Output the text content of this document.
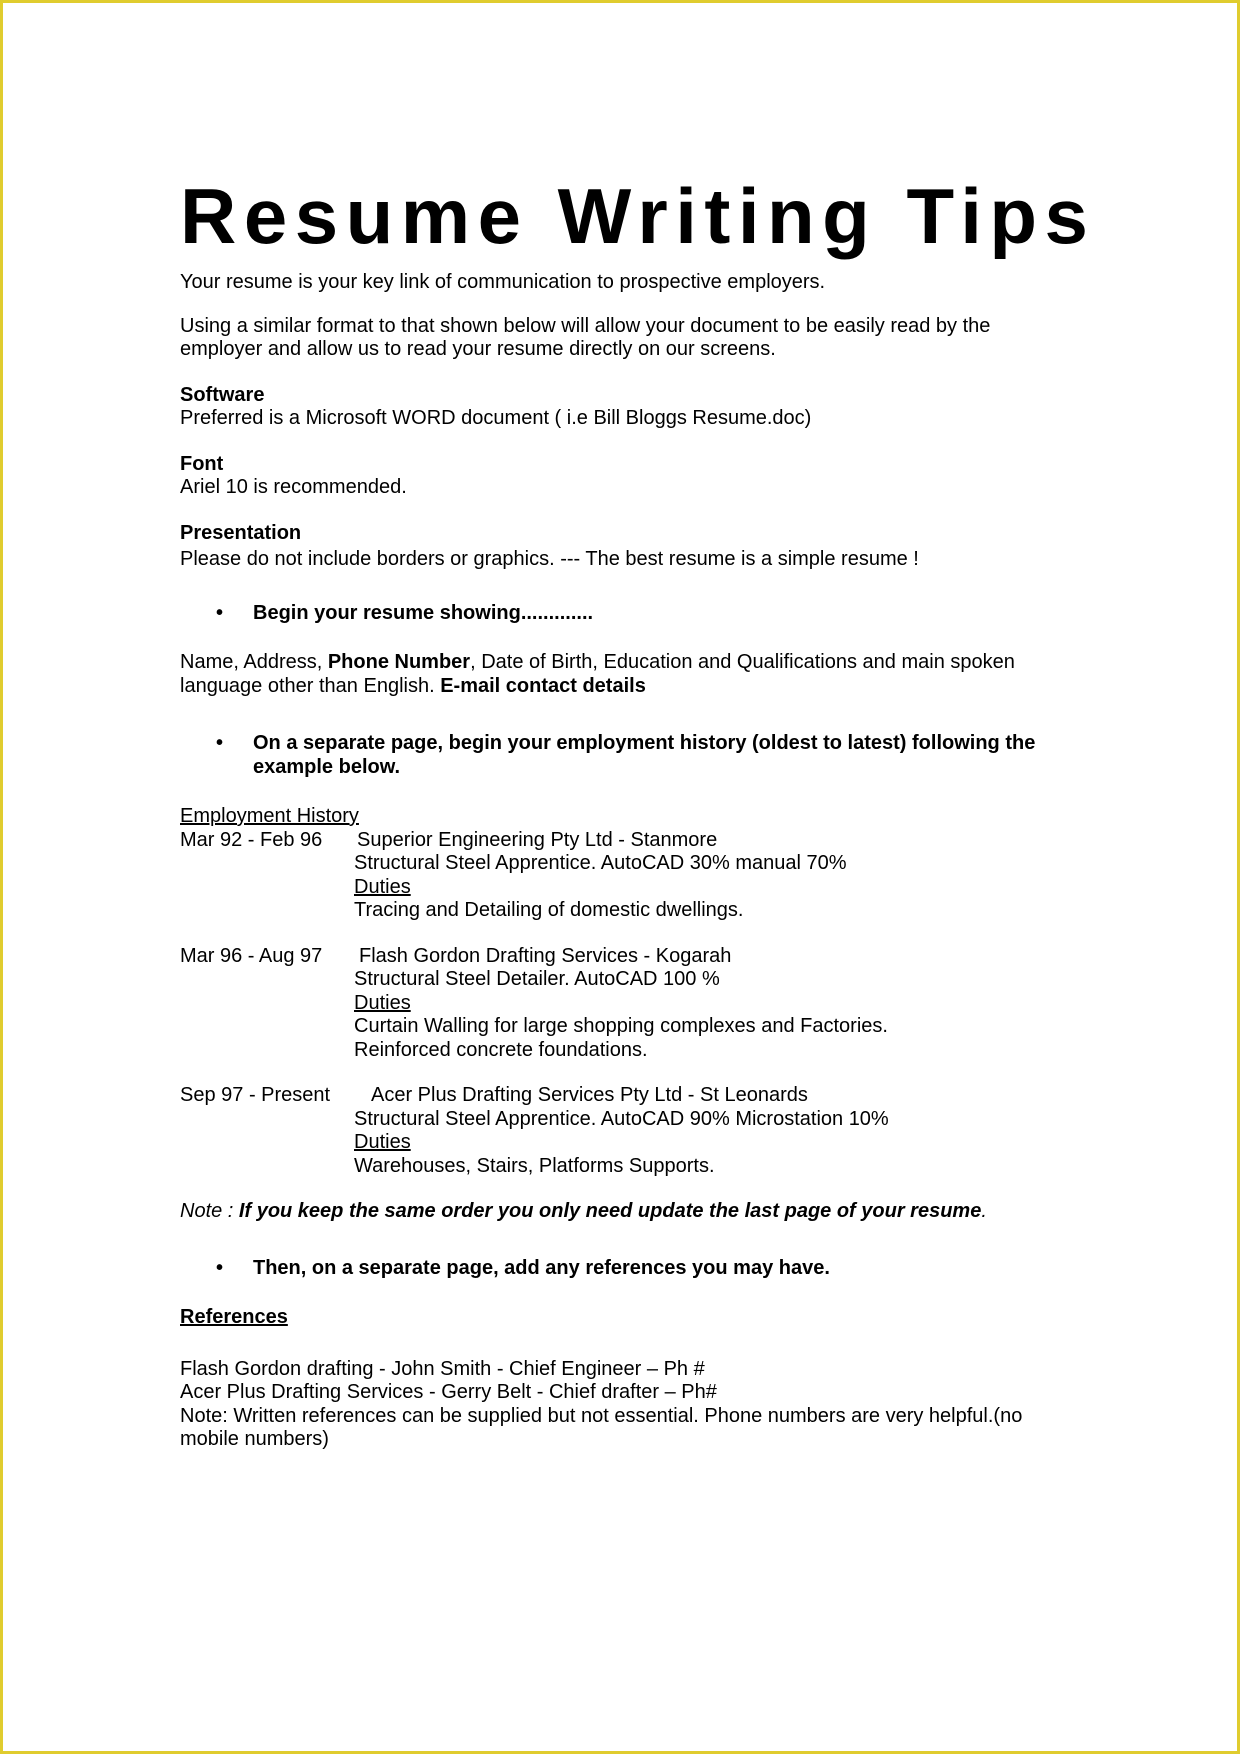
Resume Writing Tips

Your resume is your key link of communication to prospective employers.

Using a similar format to that shown below will allow your document to be easily read by the
employer and allow us to read your resume directly on our screens.
Software
Preferred is a Microsoft WORD document ( i.e Bill Bloggs Resume.doc)
Font
Ariel 10 is recommended.
Presentation
Please do not include borders or graphics. --- The best resume is a simple resume !
• Begin your resume showing.............
Name, Address, Phone Number, Date of Birth, Education and Qualifications and main spoken
language other than English. E-mail contact details
• On a separate page, begin your employment history (oldest to latest) following the
example below.
Employment History
Mar 92 - Feb 96	Superior Engineering Pty Ltd - Stanmore
Structural Steel Apprentice. AutoCAD 30% manual 70%
Duties
Tracing and Detailing of domestic dwellings.
Mar 96 - Aug 97	Flash Gordon Drafting Services - Kogarah
Structural Steel Detailer. AutoCAD 100 %
Duties
Curtain Walling for large shopping complexes and Factories.
Reinforced concrete foundations.
Sep 97 - Present	Acer Plus Drafting Services Pty Ltd - St Leonards
Structural Steel Apprentice. AutoCAD 90% Microstation 10%
Duties
Warehouses, Stairs, Platforms Supports.
Note : If you keep the same order you only need update the last page of your resume.
• Then, on a separate page, add any references you may have.
References
Flash Gordon drafting - John Smith - Chief Engineer – Ph #
Acer Plus Drafting Services - Gerry Belt - Chief drafter – Ph#
Note: Written references can be supplied but not essential. Phone numbers are very helpful.(no
mobile numbers)
